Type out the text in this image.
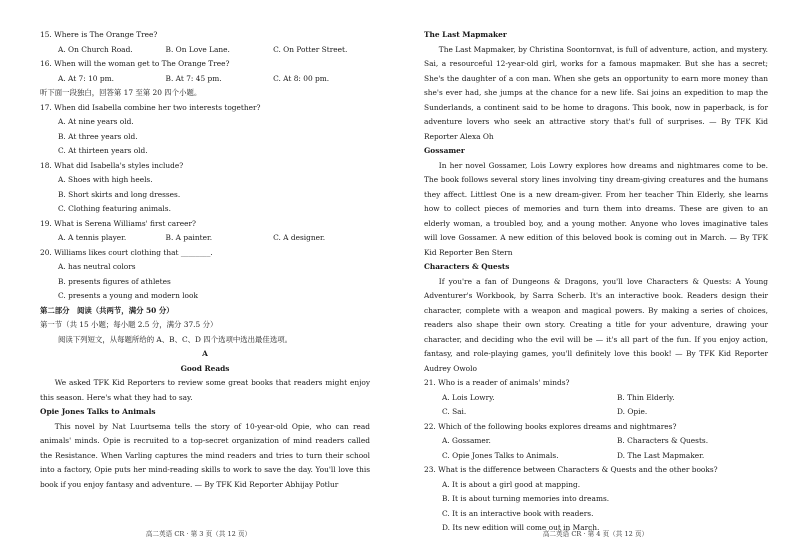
15. Where is The Orange Tree?
A. On Church Road.	B. On Love Lane.	C. On Potter Street.
16. When will the woman get to The Orange Tree?
A. At 7: 10 pm.	B. At 7: 45 pm.	C. At 8: 00 pm.
听下面一段独白，回答第 17 至第 20 四个小题。
17. When did Isabella combine her two interests together?
A. At nine years old.
B. At three years old.
C. At thirteen years old.
18. What did Isabella's styles include?
A. Shoes with high heels.
B. Short skirts and long dresses.
C. Clothing featuring animals.
19. What is Serena Williams' first career?
A. A tennis player.	B. A painter.	C. A designer.
20. Williams likes court clothing that ________.
A. has neutral colors
B. presents figures of athletes
C. presents a young and modern look
第二部分　阅读（共两节，满分 50 分）
第一节（共 15 小题；每小题 2.5 分，满分 37.5 分）
阅读下列短文，从每题所给的 A、B、C、D 四个选项中选出最佳选项。
A
Good Reads
We asked TFK Kid Reporters to review some great books that readers might enjoy this season. Here's what they had to say.
Opie Jones Talks to Animals
This novel by Nat Luurtsema tells the story of 10-year-old Opie, who can read animals' minds. Opie is recruited to a top-secret organization of mind readers called the Resistance. When Varling captures the mind readers and tries to turn their school into a factory, Opie puts her mind-reading skills to work to save the day. You'll love this book if you enjoy fantasy and adventure. — By TFK Kid Reporter Abhijay Potlur
高二英语 CR · 第 3 页（共 12 页）
The Last Mapmaker
The Last Mapmaker, by Christina Soontornvat, is full of adventure, action, and mystery. Sai, a resourceful 12-year-old girl, works for a famous mapmaker. But she has a secret; She's the daughter of a con man. When she gets an opportunity to earn more money than she's ever had, she jumps at the chance for a new life. Sai joins an expedition to map the Sunderlands, a continent said to be home to dragons. This book, now in paperback, is for adventure lovers who seek an attractive story that's full of surprises. — By TFK Kid Reporter Alexa Oh
Gossamer
In her novel Gossamer, Lois Lowry explores how dreams and nightmares come to be. The book follows several story lines involving tiny dream-giving creatures and the humans they affect. Littlest One is a new dream-giver. From her teacher Thin Elderly, she learns how to collect pieces of memories and turn them into dreams. These are given to an elderly woman, a troubled boy, and a young mother. Anyone who loves imaginative tales will love Gossamer. A new edition of this beloved book is coming out in March. — By TFK Kid Reporter Ben Stern
Characters & Quests
If you're a fan of Dungeons & Dragons, you'll love Characters & Quests: A Young Adventurer's Workbook, by Sarra Scherb. It's an interactive book. Readers design their character, complete with a weapon and magical powers. By making a series of choices, readers also shape their own story. Creating a title for your adventure, drawing your character, and deciding who the evil will be — it's all part of the fun. If you enjoy action, fantasy, and role-playing games, you'll definitely love this book! — By TFK Kid Reporter Audrey Owolo
21. Who is a reader of animals' minds?
A. Lois Lowry.	B. Thin Elderly.
C. Sai.	D. Opie.
22. Which of the following books explores dreams and nightmares?
A. Gossamer.	B. Characters & Quests.
C. Opie Jones Talks to Animals.	D. The Last Mapmaker.
23. What is the difference between Characters & Quests and the other books?
A. It is about a girl good at mapping.
B. It is about turning memories into dreams.
C. It is an interactive book with readers.
D. Its new edition will come out in March.
高二英语 CR · 第 4 页（共 12 页）
